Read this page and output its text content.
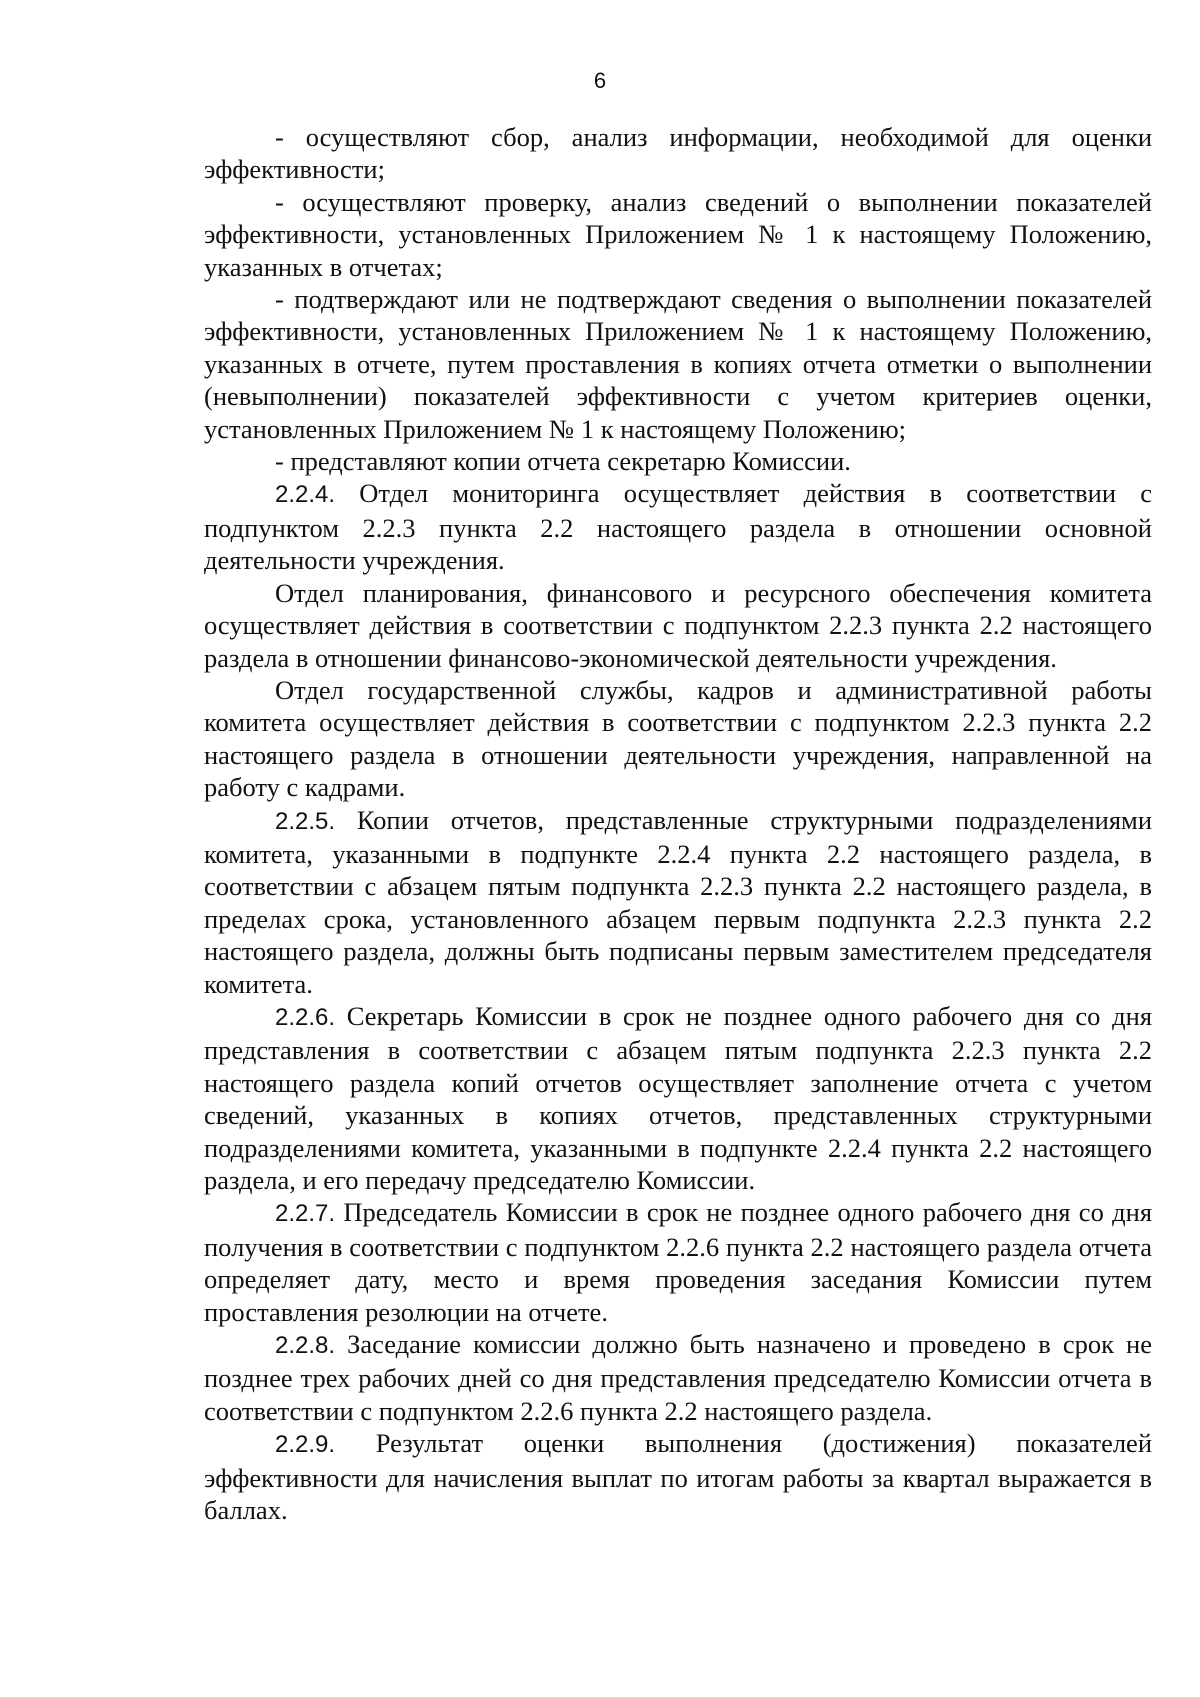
6

- осуществляют сбор, анализ информации, необходимой для оценки эффективности;

- осуществляют проверку, анализ сведений о выполнении показателей эффективности, установленных Приложением № 1 к настоящему Положению, указанных в отчетах;

- подтверждают или не подтверждают сведения о выполнении показателей эффективности, установленных Приложением № 1 к настоящему Положению, указанных в отчете, путем проставления в копиях отчета отметки о выполнении (невыполнении) показателей эффективности с учетом критериев оценки, установленных Приложением № 1 к настоящему Положению;

- представляют копии отчета секретарю Комиссии.

2.2.4. Отдел мониторинга осуществляет действия в соответствии с подпунктом 2.2.3 пункта 2.2 настоящего раздела в отношении основной деятельности учреждения.

Отдел планирования, финансового и ресурсного обеспечения комитета осуществляет действия в соответствии с подпунктом 2.2.3 пункта 2.2 настоящего раздела в отношении финансово-экономической деятельности учреждения.

Отдел государственной службы, кадров и административной работы комитета осуществляет действия в соответствии с подпунктом 2.2.3 пункта 2.2 настоящего раздела в отношении деятельности учреждения, направленной на работу с кадрами.

2.2.5. Копии отчетов, представленные структурными подразделениями комитета, указанными в подпункте 2.2.4 пункта 2.2 настоящего раздела, в соответствии с абзацем пятым подпункта 2.2.3 пункта 2.2 настоящего раздела, в пределах срока, установленного абзацем первым подпункта 2.2.3 пункта 2.2 настоящего раздела, должны быть подписаны первым заместителем председателя комитета.

2.2.6. Секретарь Комиссии в срок не позднее одного рабочего дня со дня представления в соответствии с абзацем пятым подпункта 2.2.3 пункта 2.2 настоящего раздела копий отчетов осуществляет заполнение отчета с учетом сведений, указанных в копиях отчетов, представленных структурными подразделениями комитета, указанными в подпункте 2.2.4 пункта 2.2 настоящего раздела, и его передачу председателю Комиссии.

2.2.7. Председатель Комиссии в срок не позднее одного рабочего дня со дня получения в соответствии с подпунктом 2.2.6 пункта 2.2 настоящего раздела отчета определяет дату, место и время проведения заседания Комиссии путем проставления резолюции на отчете.

2.2.8. Заседание комиссии должно быть назначено и проведено в срок не позднее трех рабочих дней со дня представления председателю Комиссии отчета в соответствии с подпунктом 2.2.6 пункта 2.2 настоящего раздела.

2.2.9. Результат оценки выполнения (достижения) показателей эффективности для начисления выплат по итогам работы за квартал выражается в баллах.
